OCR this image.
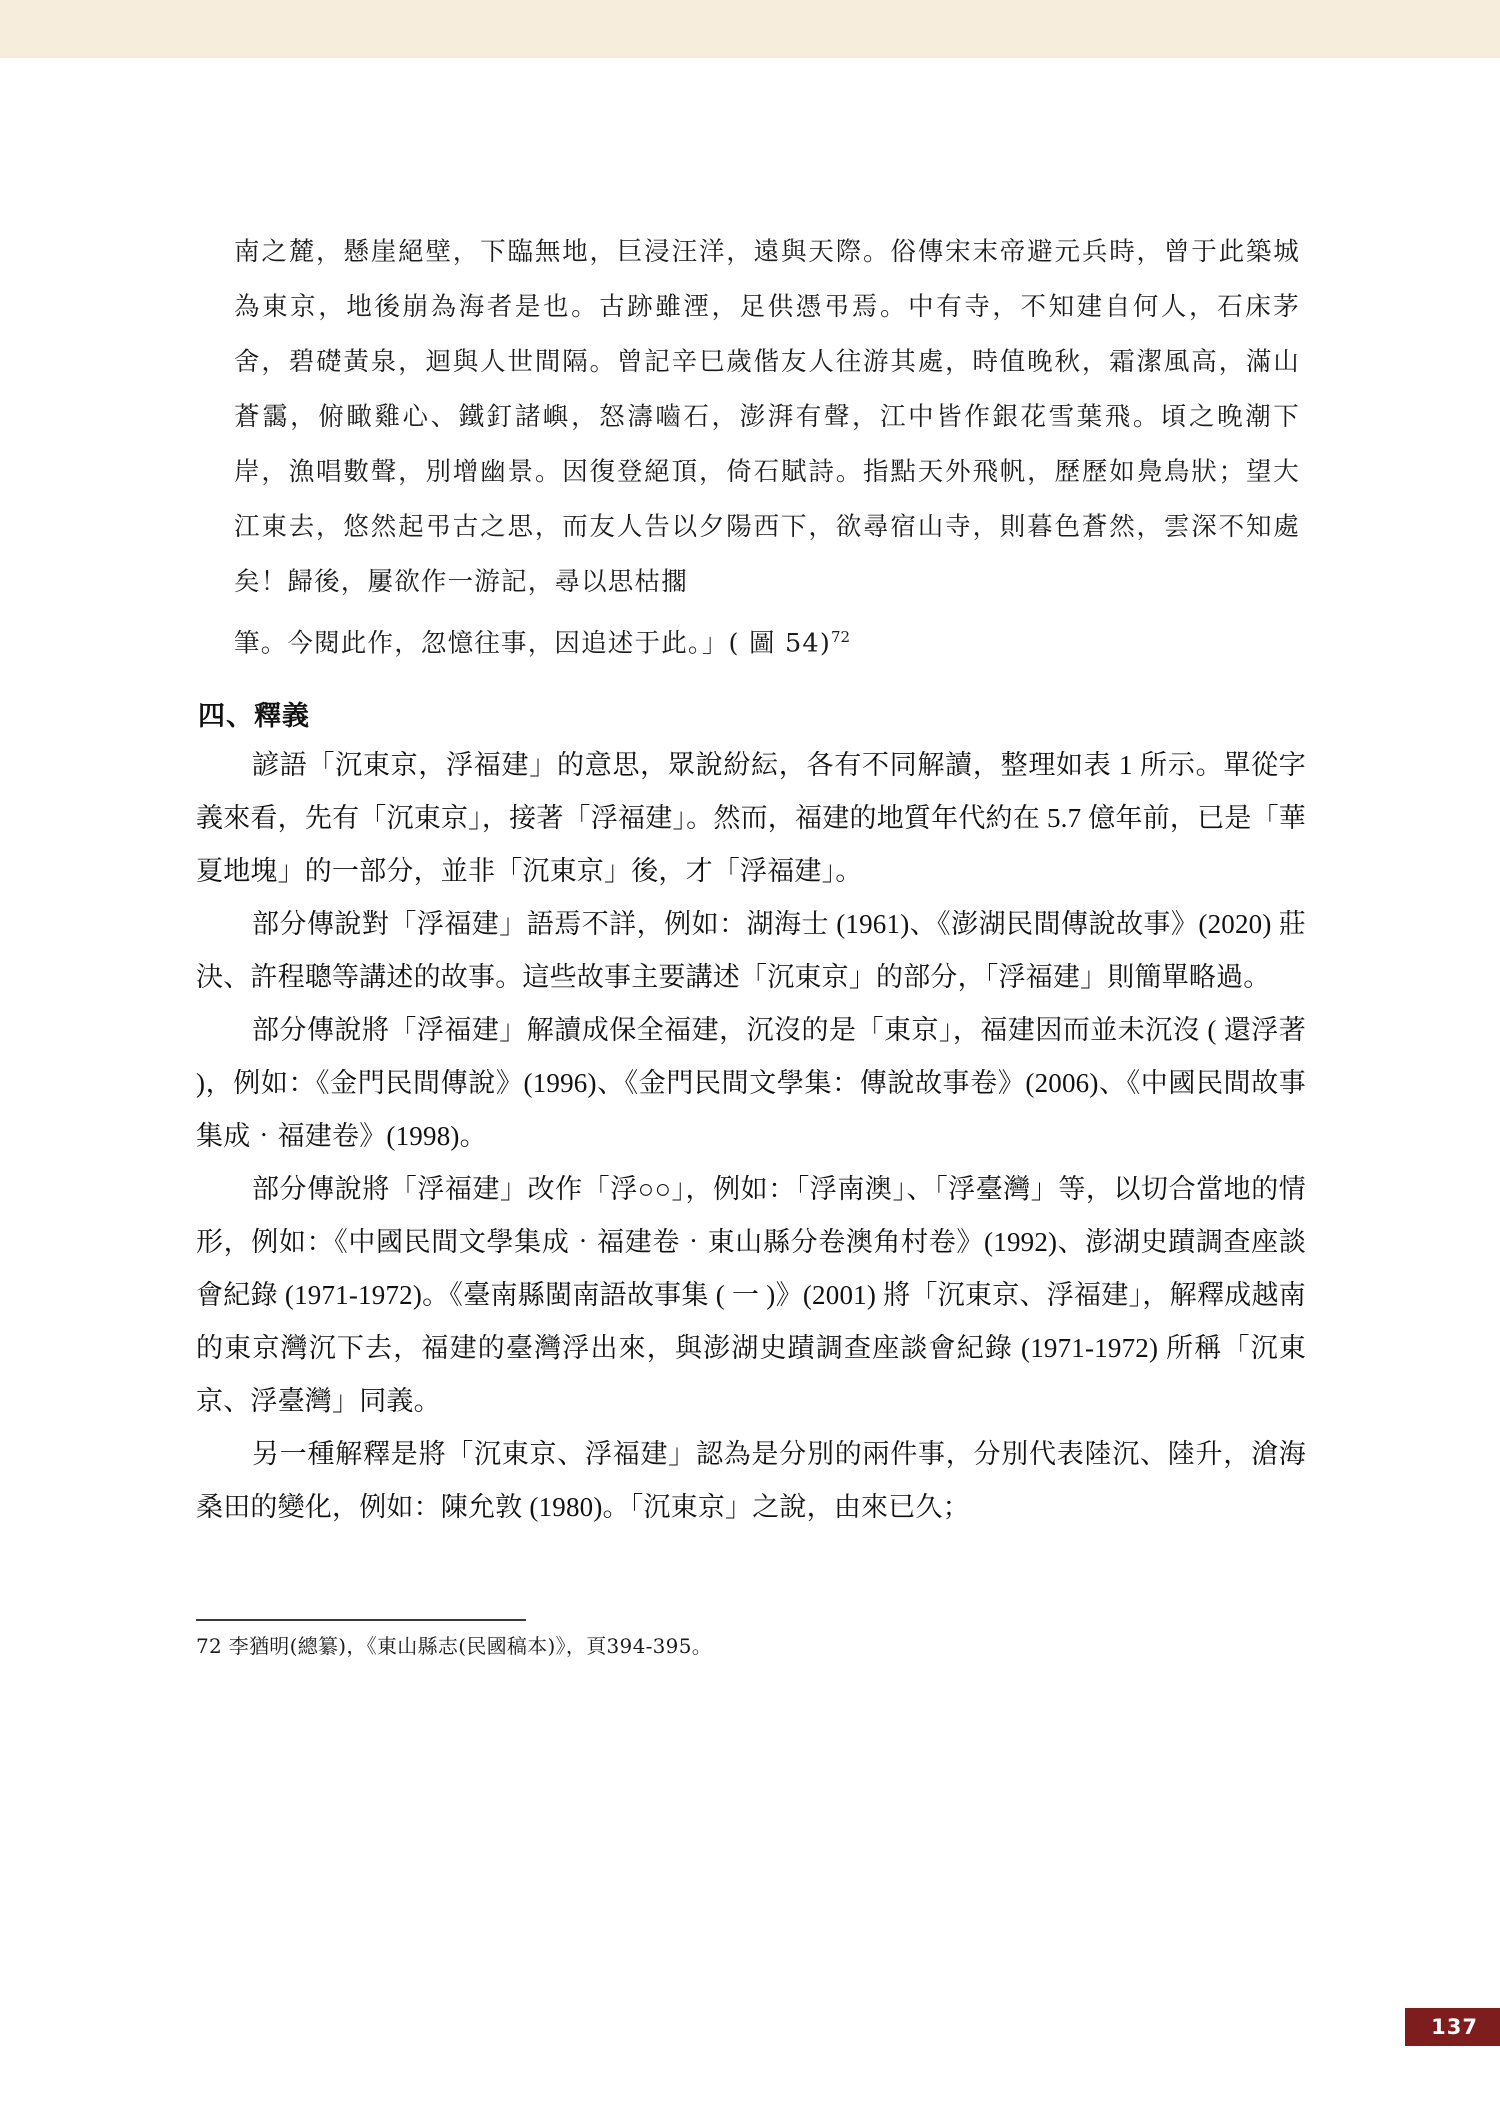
南之麓，懸崖絕壁，下臨無地，巨浸汪洋，遠與天際。俗傳宋末帝避元兵時，曾于此築城為東京，地後崩為海者是也。古跡雖湮，足供憑弔焉。中有寺，不知建自何人，石床茅舍，碧礎黃泉，迴與人世間隔。曾記辛巳歲偕友人往游其處，時值晚秋，霜潔風高，滿山蒼靄，俯瞰雞心、鐵釘諸嶼，怒濤嚙石，澎湃有聲，江中皆作銀花雪葉飛。頃之晚潮下岸，漁唱數聲，別增幽景。因復登絕頂，倚石賦詩。指點天外飛帆，歷歷如鳧鳥狀；望大江東去，悠然起弔古之思，而友人告以夕陽西下，欲尋宿山寺，則暮色蒼然，雲深不知處矣！歸後，屢欲作一游記，尋以思枯擱
筆。今閱此作，忽憶往事，因追述于此。」( 圖 54)$^{72}$
四、釋義

諺語「沉東京，浮福建」的意思，眾說紛紜，各有不同解讀，整理如表 1 所示。單從字義來看，先有「沉東京」，接著「浮福建」。然而，福建的地質年代約在 5.7 億年前，已是「華夏地塊」的一部分，並非「沉東京」後，才「浮福建」。

部分傳說對「浮福建」語焉不詳，例如：湖海士 (1961)、《澎湖民間傳說故事》(2020) 莊決、許程聰等講述的故事。這些故事主要講述「沉東京」的部分，「浮福建」則簡單略過。

部分傳說將「浮福建」解讀成保全福建，沉沒的是「東京」，福建因而並未沉沒 ( 還浮著 )，例如：《金門民間傳說》(1996)、《金門民間文學集：傳說故事卷》(2006)、《中國民間故事集成‧福建卷》(1998)。

部分傳說將「浮福建」改作「浮○○」，例如：「浮南澳」、「浮臺灣」等，以切合當地的情形，例如：《中國民間文學集成‧福建卷‧東山縣分卷澳角村卷》(1992)、澎湖史蹟調查座談會紀錄 (1971-1972)。《臺南縣閩南語故事集 ( 一 )》(2001) 將「沉東京、浮福建」，解釋成越南的東京灣沉下去，福建的臺灣浮出來，與澎湖史蹟調查座談會紀錄 (1971-1972) 所稱「沉東京、浮臺灣」同義。

另一種解釋是將「沉東京、浮福建」認為是分別的兩件事，分別代表陸沉、陸升，滄海桑田的變化，例如：陳允敦 (1980)。「沉東京」之說，由來已久；

72 李猶明(總纂)，《東山縣志(民國稿本)》，頁394-395。
137
